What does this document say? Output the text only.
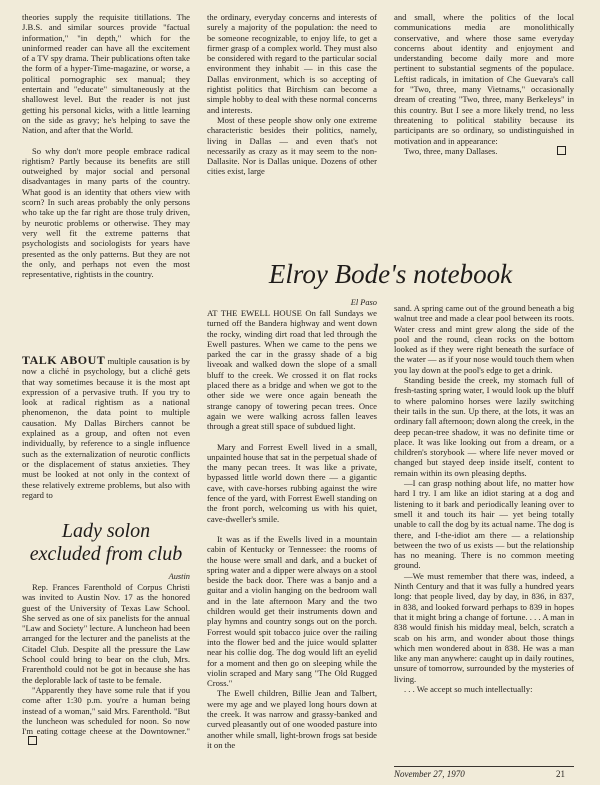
theories supply the requisite titillations. The J.B.S. and similar sources provide "factual information," "in depth," which for the uninformed reader can have all the excitement of a TV spy drama. Their publications often take the form of a hyper-Time-magazine, or worse, a political pornographic sex manual; they entertain and "educate" simultaneously at the shallowest level. But the reader is not just getting his personal kicks, with a little learning on the side as gravy; he's helping to save the Nation, and after that the World.

So why don't more people embrace radical rightism? Partly because its benefits are still outweighed by major social and personal disadvantages in many parts of the country. What good is an identity that others view with scorn? In such areas probably the only persons who take up the far right are those truly driven, by neurotic problems or otherwise. They may very well fit the extreme patterns that psychologists and sociologists for years have presented as the only patterns. But they are not the only, and perhaps not even the most representative, rightists in the country.

TALK ABOUT multiple causation is by now a cliché in psychology, but a cliché gets that way sometimes because it is the most apt expression of a pervasive truth. If you try to look at radical rightism as a national phenomenon, the data point to multiple causation. My Dallas Birchers cannot be explained as a group, and often not even individually, by reference to a single influence such as the externalization of neurotic conflicts or the displacement of status anxieties. They must be looked at not only in the context of these relatively extreme problems, but also with regard to

Lady solon
excluded from club
Austin

Rep. Frances Farenthold of Corpus Christi was invited to Austin Nov. 17 as the honored guest of the University of Texas Law School. She served as one of six panelists for the annual "Law and Society" lecture. A luncheon had been arranged for the lecturer and the panelists at the Citadel Club. Despite all the pressure the Law School could bring to bear on the club, Mrs. Frarenthold could not be got in because she has the deplorable lack of taste to be female.

"Apparently they have some rule that if you come after 1:30 p.m. you're a human being instead of a woman," said Mrs. Farenthold. "But the luncheon was scheduled for noon. So now I'm eating cottage cheese at the Downtowner."

the ordinary, everyday concerns and interests of surely a majority of the population: the need to be someone recognizable, to enjoy life, to get a firmer grasp of a complex world. They must also be considered with regard to the particular social environment they inhabit — in this case the Dallas environment, which is so accepting of rightist politics that Birchism can become a simple hobby to deal with these normal concerns and interests.

Most of these people show only one extreme characteristic besides their politics, namely, living in Dallas — and even that's not necessarily as crazy as it may seem to the non-Dallasite. Nor is Dallas unique. Dozens of other cities exist, large

and small, where the politics of the local communications media are monolithically conservative, and where those same everyday concerns about identity and enjoyment and understanding become daily more and more pertinent to substantial segments of the populace. Leftist radicals, in imitation of Che Guevara's call for "Two, three, many Vietnams," occasionally dream of creating "Two, three, many Berkeleys" in this country. But I see a more likely trend, no less threatening to political stability because its participants are so ordinary, so undistinguished in motivation and in appearance:

Two, three, many Dallases.

Elroy Bode's notebook
El Paso

AT THE EWELL HOUSE On fall Sundays we turned off the Bandera highway and went down the rocky, winding dirt road that led through the Ewell pastures. When we came to the pens we parked the car in the grassy shade of a big liveoak and walked down the slope of a small bluff to the creek. We crossed it on flat rocks placed there as a bridge and when we got to the other side we were once again beneath the strange canopy of towering pecan trees. Once again we were walking across fallen leaves through a great still space of subdued light.

Mary and Forrest Ewell lived in a small, unpainted house that sat in the perpetual shade of the many pecan trees. It was like a private, bypassed little world down there — a gigantic cave, with cave-horses rubbing against the wire fence of the yard, with Forrest Ewell standing on the front porch, welcoming us with his quiet, cave-dweller's smile.

It was as if the Ewells lived in a mountain cabin of Kentucky or Tennessee: the rooms of the house were small and dark, and a bucket of spring water and a dipper were always on a stool beside the back door. There was a banjo and a guitar and a violin hanging on the bedroom wall and in the late afternoon Mary and the two children would get their instruments down and play hymns and country songs out on the porch. Forrest would spit tobacco juice over the railing into the flower bed and the juice would splatter near his collie dog. The dog would lift an eyelid for a moment and then go on sleeping while the violin scraped and Mary sang "The Old Rugged Cross."

The Ewell children, Billie Jean and Talbert, were my age and we played long hours down at the creek. It was narrow and grassy-banked and curved pleasantly out of one wooded pasture into another while small, light-brown frogs sat beside it on the

sand. A spring came out of the ground beneath a big walnut tree and made a clear pool between its roots. Water cress and mint grew along the side of the pool and the round, clean rocks on the bottom looked as if they were right beneath the surface of the water — as if your nose would touch them when you lay down at the pool's edge to get a drink.

Standing beside the creek, my stomach full of fresh-tasting spring water, I would look up the bluff to where palomino horses were lazily switching their tails in the sun. Up there, at the lots, it was an ordinary fall afternoon; down along the creek, in the deep pecan-tree shadow, it was no definite time or place. It was like looking out from a dream, or a children's storybook — where life never moved or changed but stayed deep inside itself, content to remain within its own pleasing depths.

—I can grasp nothing about life, no matter how hard I try. I am like an idiot staring at a dog and listening to it bark and periodically leaning over to smell it and touch its hair — yet being totally unable to call the dog by its actual name. The dog is there, and I-the-idiot am there — a relationship between the two of us exists — but the relationship has no meaning. There is no common meeting ground.

—We must remember that there was, indeed, a Ninth Century and that it was fully a hundred years long: that people lived, day by day, in 836, in 837, in 838, and looked forward perhaps to 839 in hopes that it might bring a change of fortune. . . . A man in 838 would finish his midday meal, belch, scratch a scab on his arm, and wonder about those things which men wondered about in 838. He was a man like any man anywhere: caught up in daily routines, unsure of tomorrow, surrounded by the mysteries of living.

. . . We accept so much intellectually:

November 27, 1970	21
